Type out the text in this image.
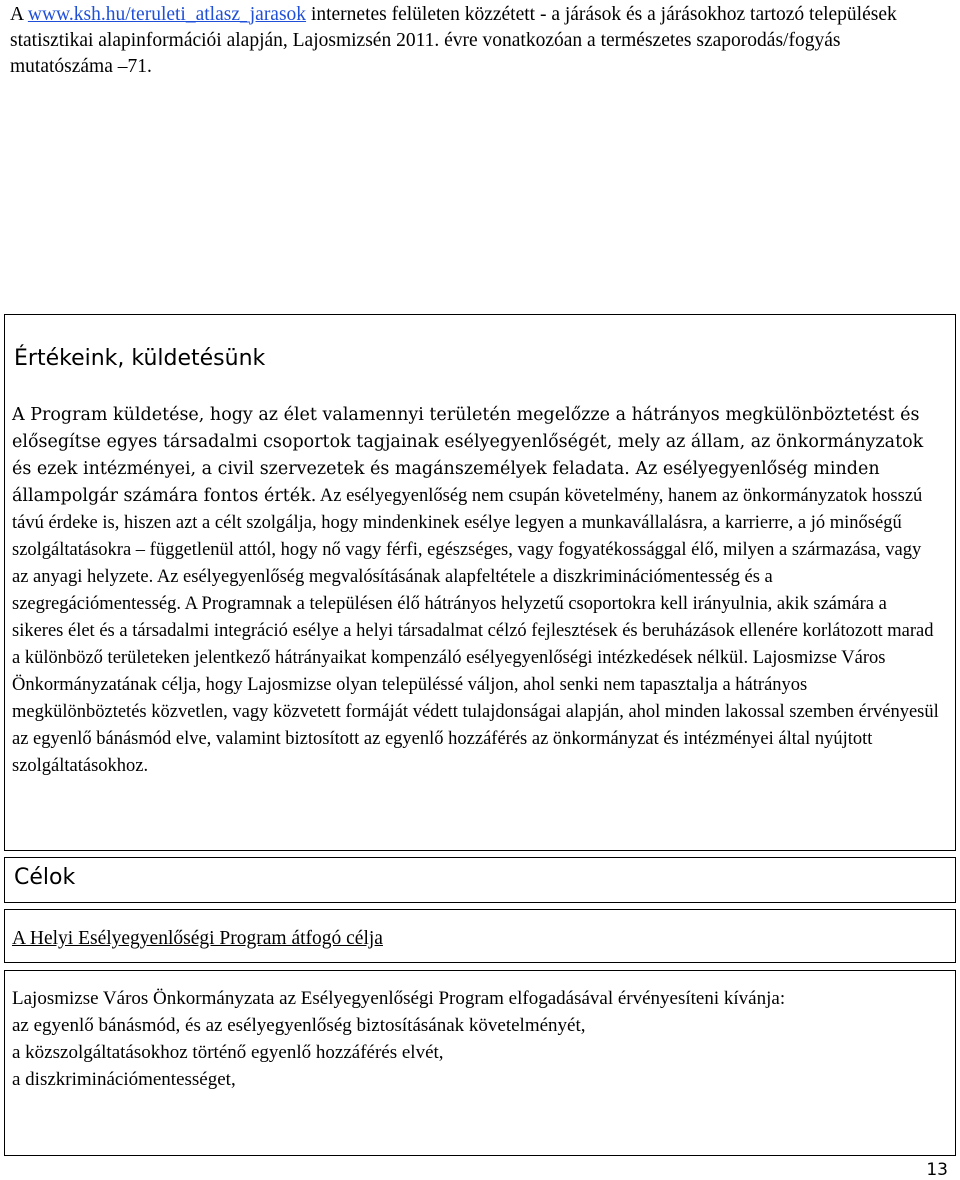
A www.ksh.hu/teruleti_atlasz_jarasok internetes felületen közzétett - a járások és a járásokhoz tartozó települések statisztikai alapinformációi alapján, Lajosmizsén 2011. évre vonatkozóan a természetes szaporodás/fogyás mutatószáma –71.
Értékeink, küldetésünk
A Program küldetése, hogy az élet valamennyi területén megelőzze a hátrányos megkülönböztetést és elősegítse egyes társadalmi csoportok tagjainak esélyegyenlőségét, mely az állam, az önkormányzatok és ezek intézményei, a civil szervezetek és magánszemélyek feladata. Az esélyegyenlőség minden állampolgár számára fontos érték. Az esélyegyenlőség nem csupán követelmény, hanem az önkormányzatok hosszú távú érdeke is, hiszen azt a célt szolgálja, hogy mindenkinek esélye legyen a munkavállalásra, a karrierre, a jó minőségű szolgáltatásokra – függetlenül attól, hogy nő vagy férfi, egészséges, vagy fogyatékossággal élő, milyen a származása, vagy az anyagi helyzete. Az esélyegyenlőség megvalósításának alapfeltétele a diszkriminációmentesség és a szegregációmentesség. A Programnak a településen élő hátrányos helyzetű csoportokra kell irányulnia, akik számára a sikeres élet és a társadalmi integráció esélye a helyi társadalmat célzó fejlesztések és beruházások ellenére korlátozott marad a különböző területeken jelentkező hátrányaikat kompenzáló esélyegyenlőségi intézkedések nélkül. Lajosmizse Város Önkormányzatának célja, hogy Lajosmizse olyan településsé váljon, ahol senki nem tapasztalja a hátrányos megkülönböztetés közvetlen, vagy közvetett formáját védett tulajdonságai alapján, ahol minden lakossal szemben érvényesül az egyenlő bánásmód elve, valamint biztosított az egyenlő hozzáférés az önkormányzat és intézményei által nyújtott szolgáltatásokhoz.
Célok
A Helyi Esélyegyenlőségi Program átfogó célja
Lajosmizse Város Önkormányzata az Esélyegyenlőségi Program elfogadásával érvényesíteni kívánja:
az egyenlő bánásmód, és az esélyegyenlőség biztosításának követelményét,
a közszolgáltatásokhoz történő egyenlő hozzáférés elvét,
a diszkriminációmentességet,
13
